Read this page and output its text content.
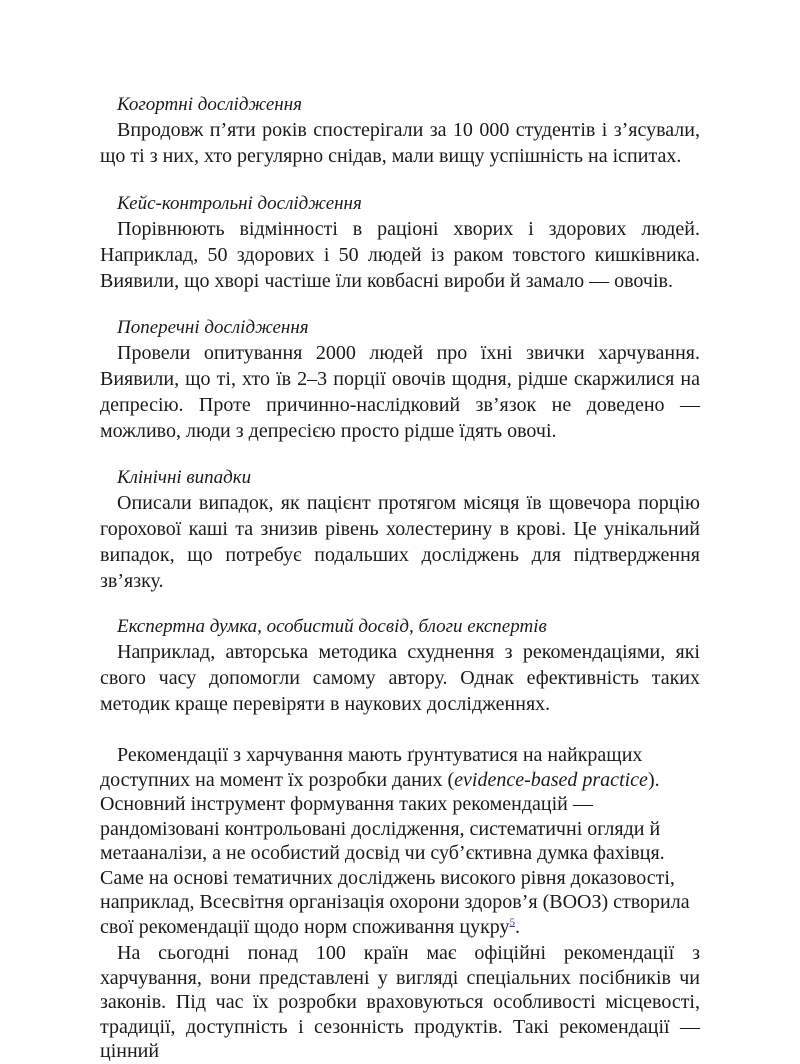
Когортні дослідження

Впродовж п’яти років спостерігали за 10 000 студентів і з’ясували, що ті з них, хто регулярно снідав, мали вищу успішність на іспитах.

Кейс-контрольні дослідження

Порівнюють відмінності в раціоні хворих і здорових людей. Наприклад, 50 здорових і 50 людей із раком товстого кишківника. Виявили, що хворі частіше їли ковбасні вироби й замало — овочів.

Поперечні дослідження

Провели опитування 2000 людей про їхні звички харчування. Виявили, що ті, хто їв 2–3 порції овочів щодня, рідше скаржилися на депресію. Проте причинно-наслідковий зв’язок не доведено — можливо, люди з депресією просто рідше їдять овочі.

Клінічні випадки

Описали випадок, як пацієнт протягом місяця їв щовечора порцію горохової каші та знизив рівень холестерину в крові. Це унікальний випадок, що потребує подальших досліджень для підтвердження зв’язку.

Експертна думка, особистий досвід, блоги експертів

Наприклад, авторська методика схуднення з рекомендаціями, які свого часу допомогли самому автору. Однак ефективність таких методик краще перевіряти в наукових дослідженнях.

Рекомендації з харчування мають ґрунтуватися на найкращих доступних на момент їх розробки даних (evidence-based practice). Основний інструмент формування таких рекомендацій — рандомізовані контрольовані дослідження, систематичні огляди й метааналізи, а не особистий досвід чи суб’єктивна думка фахівця. Саме на основі тематичних досліджень високого рівня доказовості, наприклад, Всесвітня організація охорони здоров’я (ВООЗ) створила свої рекомендації щодо норм споживання цукру$^5$.

На сьогодні понад 100 країн має офіційні рекомендації з харчування, вони представлені у вигляді спеціальних посібників чи законів. Під час їх розробки враховуються особливості місцевості, традиції, доступність і сезонність продуктів. Такі рекомендації — цінний
